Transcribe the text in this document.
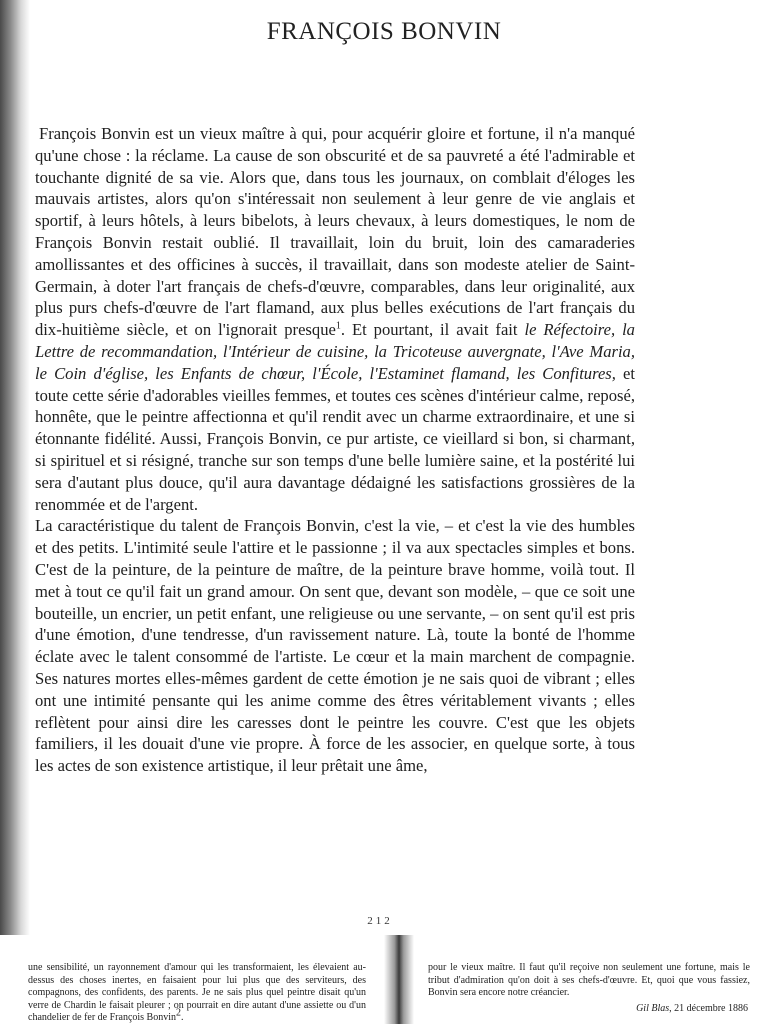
FRANÇOIS BONVIN

François Bonvin est un vieux maître à qui, pour acquérir gloire et fortune, il n'a manqué qu'une chose : la réclame. La cause de son obscurité et de sa pauvreté a été l'admirable et touchante dignité de sa vie. Alors que, dans tous les journaux, on comblait d'éloges les mauvais artistes, alors qu'on s'intéressait non seulement à leur genre de vie anglais et sportif, à leurs hôtels, à leurs bibelots, à leurs chevaux, à leurs domestiques, le nom de François Bonvin restait oublié. Il travaillait, loin du bruit, loin des camaraderies amollissantes et des officines à succès, il travaillait, dans son modeste atelier de Saint-Germain, à doter l'art français de chefs-d'œuvre, comparables, dans leur originalité, aux plus purs chefs-d'œuvre de l'art flamand, aux plus belles exécutions de l'art français du dix-huitième siècle, et on l'ignorait presque$^1$. Et pourtant, il avait fait le Réfectoire, la Lettre de recommandation, l'Intérieur de cuisine, la Tricoteuse auvergnate, l'Ave Maria, le Coin d'église, les Enfants de chœur, l'École, l'Estaminet flamand, les Confitures, et toute cette série d'adorables vieilles femmes, et toutes ces scènes d'intérieur calme, reposé, honnête, que le peintre affectionna et qu'il rendit avec un charme extraordinaire, et une si étonnante fidélité. Aussi, François Bonvin, ce pur artiste, ce vieillard si bon, si charmant, si spirituel et si résigné, tranche sur son temps d'une belle lumière saine, et la postérité lui sera d'autant plus douce, qu'il aura davantage dédaigné les satisfactions grossières de la renommée et de l'argent.

La caractéristique du talent de François Bonvin, c'est la vie, – et c'est la vie des humbles et des petits. L'intimité seule l'attire et le passionne ; il va aux spectacles simples et bons. C'est de la peinture, de la peinture de maître, de la peinture brave homme, voilà tout. Il met à tout ce qu'il fait un grand amour. On sent que, devant son modèle, – que ce soit une bouteille, un encrier, un petit enfant, une religieuse ou une servante, – on sent qu'il est pris d'une émotion, d'une tendresse, d'un ravissement nature. Là, toute la bonté de l'homme éclate avec le talent consommé de l'artiste. Le cœur et la main marchent de compagnie. Ses natures mortes elles-mêmes gardent de cette émotion je ne sais quoi de vibrant ; elles ont une intimité pensante qui les anime comme des êtres véritablement vivants ; elles reflètent pour ainsi dire les caresses dont le peintre les couvre. C'est que les objets familiers, il les douait d'une vie propre. À force de les associer, en quelque sorte, à tous les actes de son existence artistique, il leur prêtait une âme,

212

une sensibilité, un rayonnement d'amour qui les transformaient, les élevaient au-dessus des choses inertes, en faisaient pour lui plus que des serviteurs, des compagnons, des confidents, des parents. Je ne sais plus quel peintre disait qu'un verre de Chardin le faisait pleurer ; on pourrait en dire autant d'une assiette ou d'un chandelier de fer de François Bonvin$^2$.

pour le vieux maître. Il faut qu'il reçoive non seulement une fortune, mais le tribut d'admiration qu'on doit à ses chefs-d'œuvre. Et, quoi que vous fassiez, Bonvin sera encore notre créancier.

Gil Blas, 21 décembre 1886
